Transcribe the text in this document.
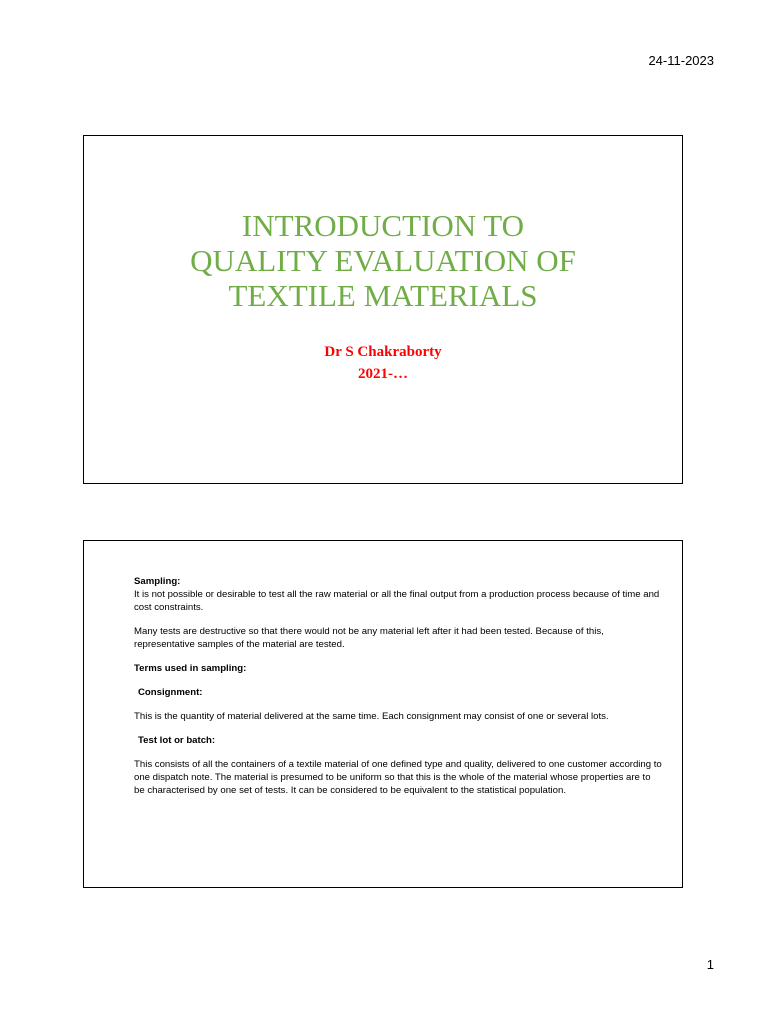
24-11-2023
INTRODUCTION TO
QUALITY EVALUATION OF
TEXTILE MATERIALS
Dr S Chakraborty
2021-…

Sampling:

It is not possible or desirable to test all the raw material or all the final output from a production process because of time and cost constraints.

Many tests are destructive so that there would not be any material left after it had been tested. Because of this, representative samples of the material are tested.

Terms used in sampling:

Consignment:

This is the quantity of material delivered at the same time. Each consignment may consist of one or several lots.

Test lot or batch:

This consists of all the containers of a textile material of one defined type and quality, delivered to one customer according to one dispatch note. The material is presumed to be uniform so that this is the whole of the material whose properties are to be characterised by one set of tests. It can be considered to be equivalent to the statistical population.

1
